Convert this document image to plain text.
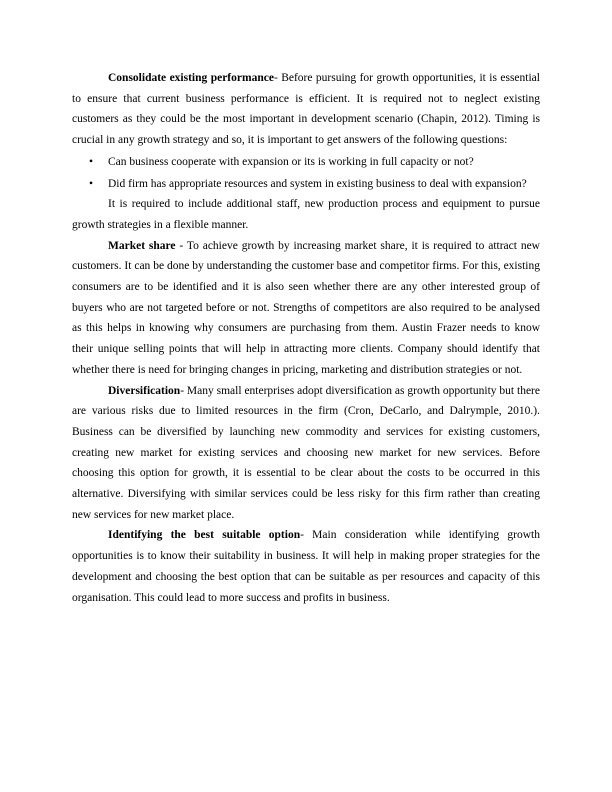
Consolidate existing performance- Before pursuing for growth opportunities, it is essential to ensure that current business performance is efficient. It is required not to neglect existing customers as they could be the most important in development scenario (Chapin, 2012). Timing is crucial in any growth strategy and so, it is important to get answers of the following questions:

• Can business cooperate with expansion or its is working in full capacity or not?
• Did firm has appropriate resources and system in existing business to deal with expansion?

It is required to include additional staff, new production process and equipment to pursue growth strategies in a flexible manner.

Market share - To achieve growth by increasing market share, it is required to attract new customers. It can be done by understanding the customer base and competitor firms. For this, existing consumers are to be identified and it is also seen whether there are any other interested group of buyers who are not targeted before or not. Strengths of competitors are also required to be analysed as this helps in knowing why consumers are purchasing from them. Austin Frazer needs to know their unique selling points that will help in attracting more clients. Company should identify that whether there is need for bringing changes in pricing, marketing and distribution strategies or not.

Diversification- Many small enterprises adopt diversification as growth opportunity but there are various risks due to limited resources in the firm (Cron, DeCarlo, and Dalrymple, 2010.). Business can be diversified by launching new commodity and services for existing customers, creating new market for existing services and choosing new market for new services. Before choosing this option for growth, it is essential to be clear about the costs to be occurred in this alternative. Diversifying with similar services could be less risky for this firm rather than creating new services for new market place.

Identifying the best suitable option- Main consideration while identifying growth opportunities is to know their suitability in business. It will help in making proper strategies for the development and choosing the best option that can be suitable as per resources and capacity of this organisation. This could lead to more success and profits in business.
